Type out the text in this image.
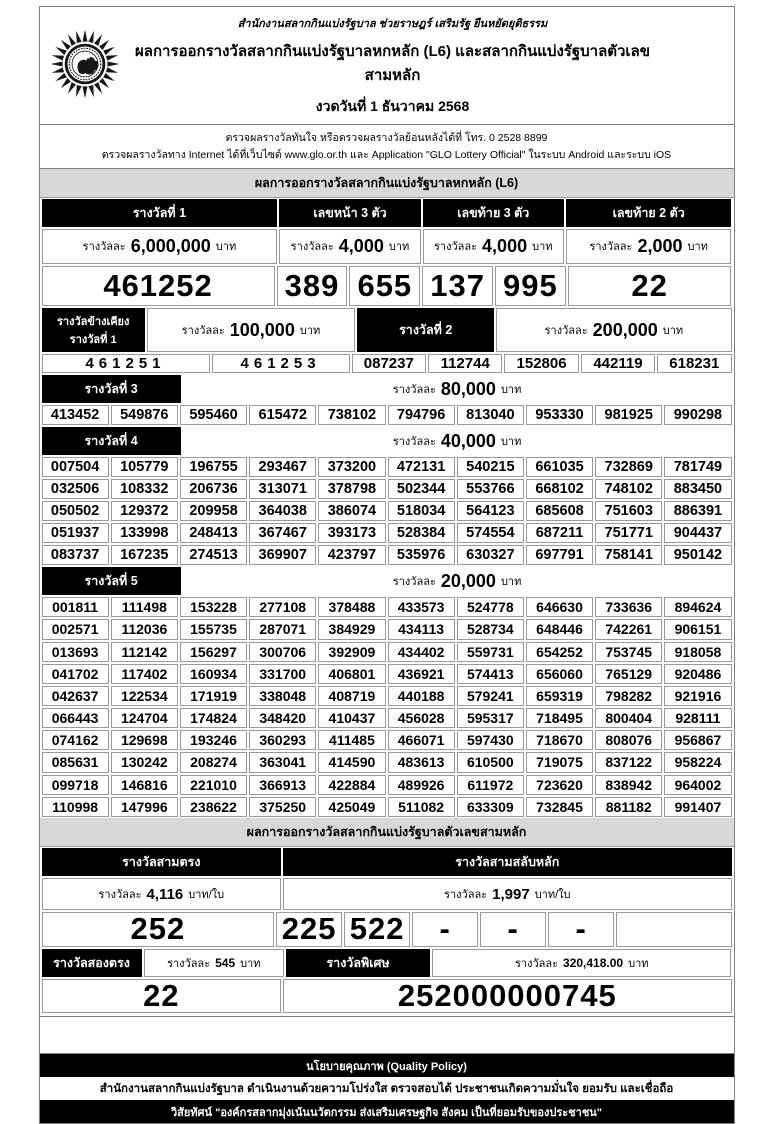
สำนักงานสลากกินแบ่งรัฐบาล ช่วยราษฎร์ เสริมรัฐ ยืนหยัดยุติธรรม
ผลการออกรางวัลสลากกินแบ่งรัฐบาลหกหลัก (L6) และสลากกินแบ่งรัฐบาลตัวเลขสามหลัก
งวดวันที่ 1 ธันวาคม 2568
ตรวจผลรางวัลทันใจ หรือตรวจผลรางวัลย้อนหลังได้ที่ โทร. 0 2528 8899
ตรวจผลรางวัลทาง Internet ได้ที่เว็บไซต์ www.glo.or.th และ Application "GLO Lottery Official" ในระบบ Android และระบบ iOS
ผลการออกรางวัลสลากกินแบ่งรัฐบาลหกหลัก (L6)
รางวัลที่ 1	เลขหน้า 3 ตัว	เลขท้าย 3 ตัว	เลขท้าย 2 ตัว
รางวัลละ 6,000,000 บาท	รางวัลละ 4,000 บาท รางวัลละ 4,000 บาท	รางวัลละ 2,000 บาท
461252	389 655 137 995	22
รางวัลข้างเคียงรางวัลที่ 1
รางวัลละ 100,000 บาท	รางวัลที่ 2	รางวัลละ 200,000 บาท
461251	461253	087237	112744	152806	442119	618231
รางวัลที่ 3	รางวัลละ 80,000 บาท
413452	549876	595460	615472	738102	794796	813040	953330	981925	990298
รางวัลที่ 4	รางวัลละ 40,000 บาท
007504	105779	196755	293467	373200	472131	540215	661035	732869	781749
032506	108332	206736	313071	378798	502344	553766	668102	748102	883450
050502	129372	209958	364038	386074	518034	564123	685608	751603	886391
051937	133998	248413	367467	393173	528384	574554	687211	751771	904437
083737	167235	274513	369907	423797	535976	630327	697791	758141	950142
รางวัลที่ 5	รางวัลละ 20,000 บาท
001811	111498	153228	277108	378488	433573	524778	646630	733636	894624
002571	112036	155735	287071	384929	434113	528734	648446	742261	906151
013693	112142	156297	300706	392909	434402	559731	654252	753745	918058
041702	117402	160934	331700	406801	436921	574413	656060	765129	920486
042637	122534	171919	338048	408719	440188	579241	659319	798282	921916
066443	124704	174824	348420	410437	456028	595317	718495	800404	928111
074162	129698	193246	360293	411485	466071	597430	718670	808076	956867
085631	130242	208274	363041	414590	483613	610500	719075	837122	958224
099718	146816	221010	366913	422884	489926	611972	723620	838942	964002
110998	147996	238622	375250	425049	511082	633309	732845	881182	991407
ผลการออกรางวัลสลากกินแบ่งรัฐบาลตัวเลขสามหลัก
รางวัลสามตรง	รางวัลสามสลับหลัก
รางวัลละ 4,116 บาท/ใบ	รางวัลละ 1,997 บาท/ใบ
252	225 522	-	-	-
รางวัลสองตรง	รางวัลละ 545 บาท	รางวัลพิเศษ	รางวัลละ 320,418.00 บาท
22	252000000745
นโยบายคุณภาพ (Quality Policy)
สำนักงานสลากกินแบ่งรัฐบาล ดำเนินงานด้วยความโปร่งใส ตรวจสอบได้ ประชาชนเกิดความมั่นใจ ยอมรับ และเชื่อถือ
วิสัยทัศน์ "องค์กรสลากมุ่งเน้นนวัตกรรม ส่งเสริมเศรษฐกิจ สังคม เป็นที่ยอมรับของประชาชน"
